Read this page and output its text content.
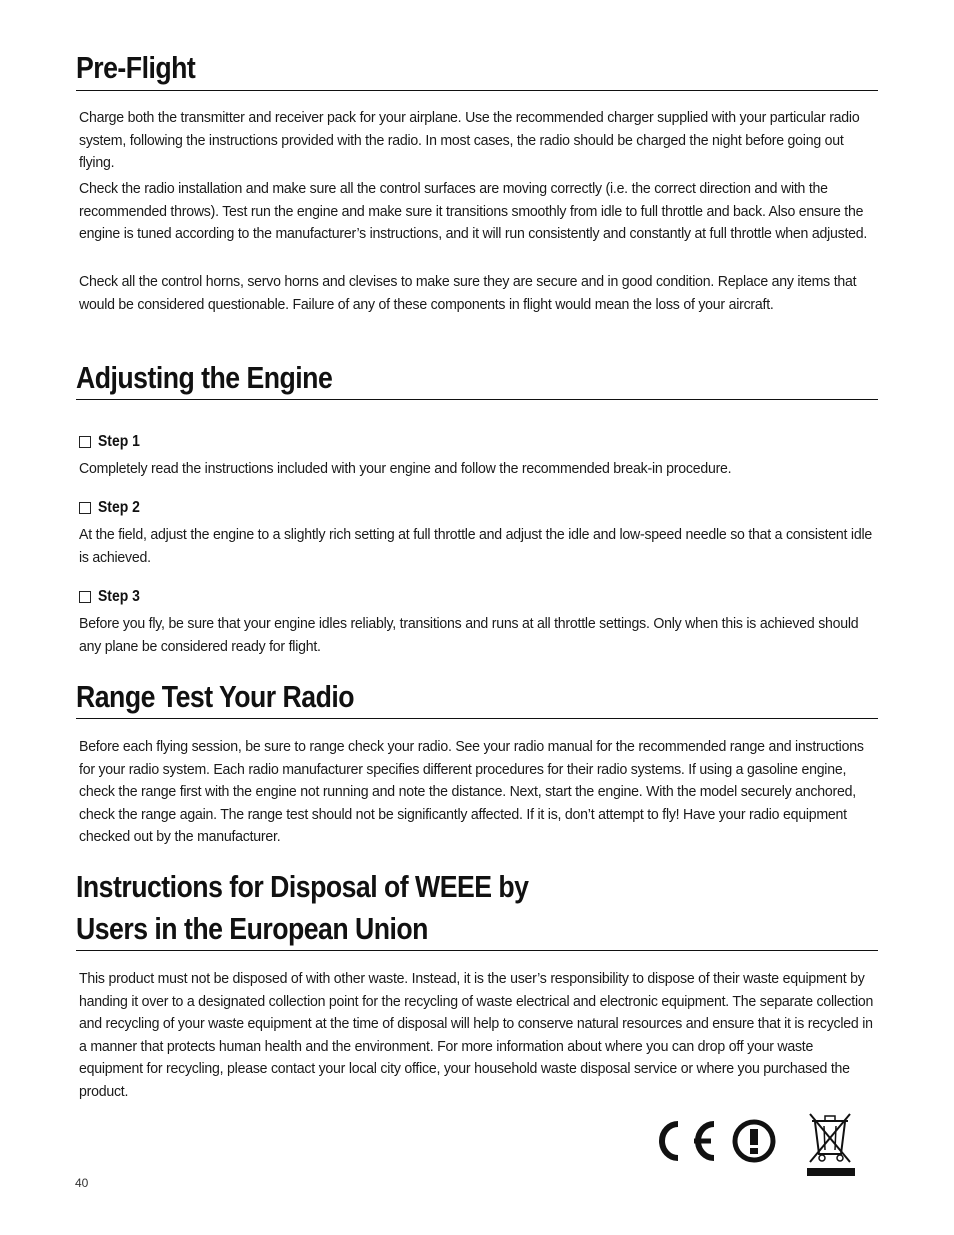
Pre-Flight

Charge both the transmitter and receiver pack for your airplane. Use the recommended charger supplied with your particular radio system, following the instructions provided with the radio. In most cases, the radio should be charged the night before going out flying.

Check the radio installation and make sure all the control surfaces are moving correctly (i.e. the correct direction and with the recommended throws). Test run the engine and make sure it transitions smoothly from idle to full throttle and back. Also ensure the engine is tuned according to the manufacturer’s instructions, and it will run consistently and constantly at full throttle when adjusted.

Check all the control horns, servo horns and clevises to make sure they are secure and in good condition. Replace any items that would be considered questionable. Failure of any of these components in flight would mean the loss of your aircraft.

Adjusting the Engine
Step 1

Completely read the instructions included with your engine and follow the recommended break-in procedure.

Step 2

At the field, adjust the engine to a slightly rich setting at full throttle and adjust the idle and low-speed needle so that a consistent idle is achieved.

Step 3

Before you fly, be sure that your engine idles reliably, transitions and runs at all throttle settings. Only when this is achieved should any plane be considered ready for flight.

Range Test Your Radio

Before each flying session, be sure to range check your radio. See your radio manual for the recommended range and instructions for your radio system. Each radio manufacturer specifies different procedures for their radio systems. If using a gasoline engine, check the range first with the engine not running and note the distance. Next, start the engine. With the model securely anchored, check the range again. The range test should not be significantly affected. If it is, don’t attempt to fly! Have your radio equipment checked out by the manufacturer.

Instructions for Disposal of WEEE by
Users in the European Union

This product must not be disposed of with other waste. Instead, it is the user’s responsibility to dispose of their waste equipment by handing it over to a designated collection point for the recycling of waste electrical and electronic equipment. The separate collection and recycling of your waste equipment at the time of disposal will help to conserve natural resources and ensure that it is recycled in a manner that protects human health and the environment. For more information about where you can drop off your waste equipment for recycling, please contact your local city office, your household waste disposal service or where you purchased the product.

40
